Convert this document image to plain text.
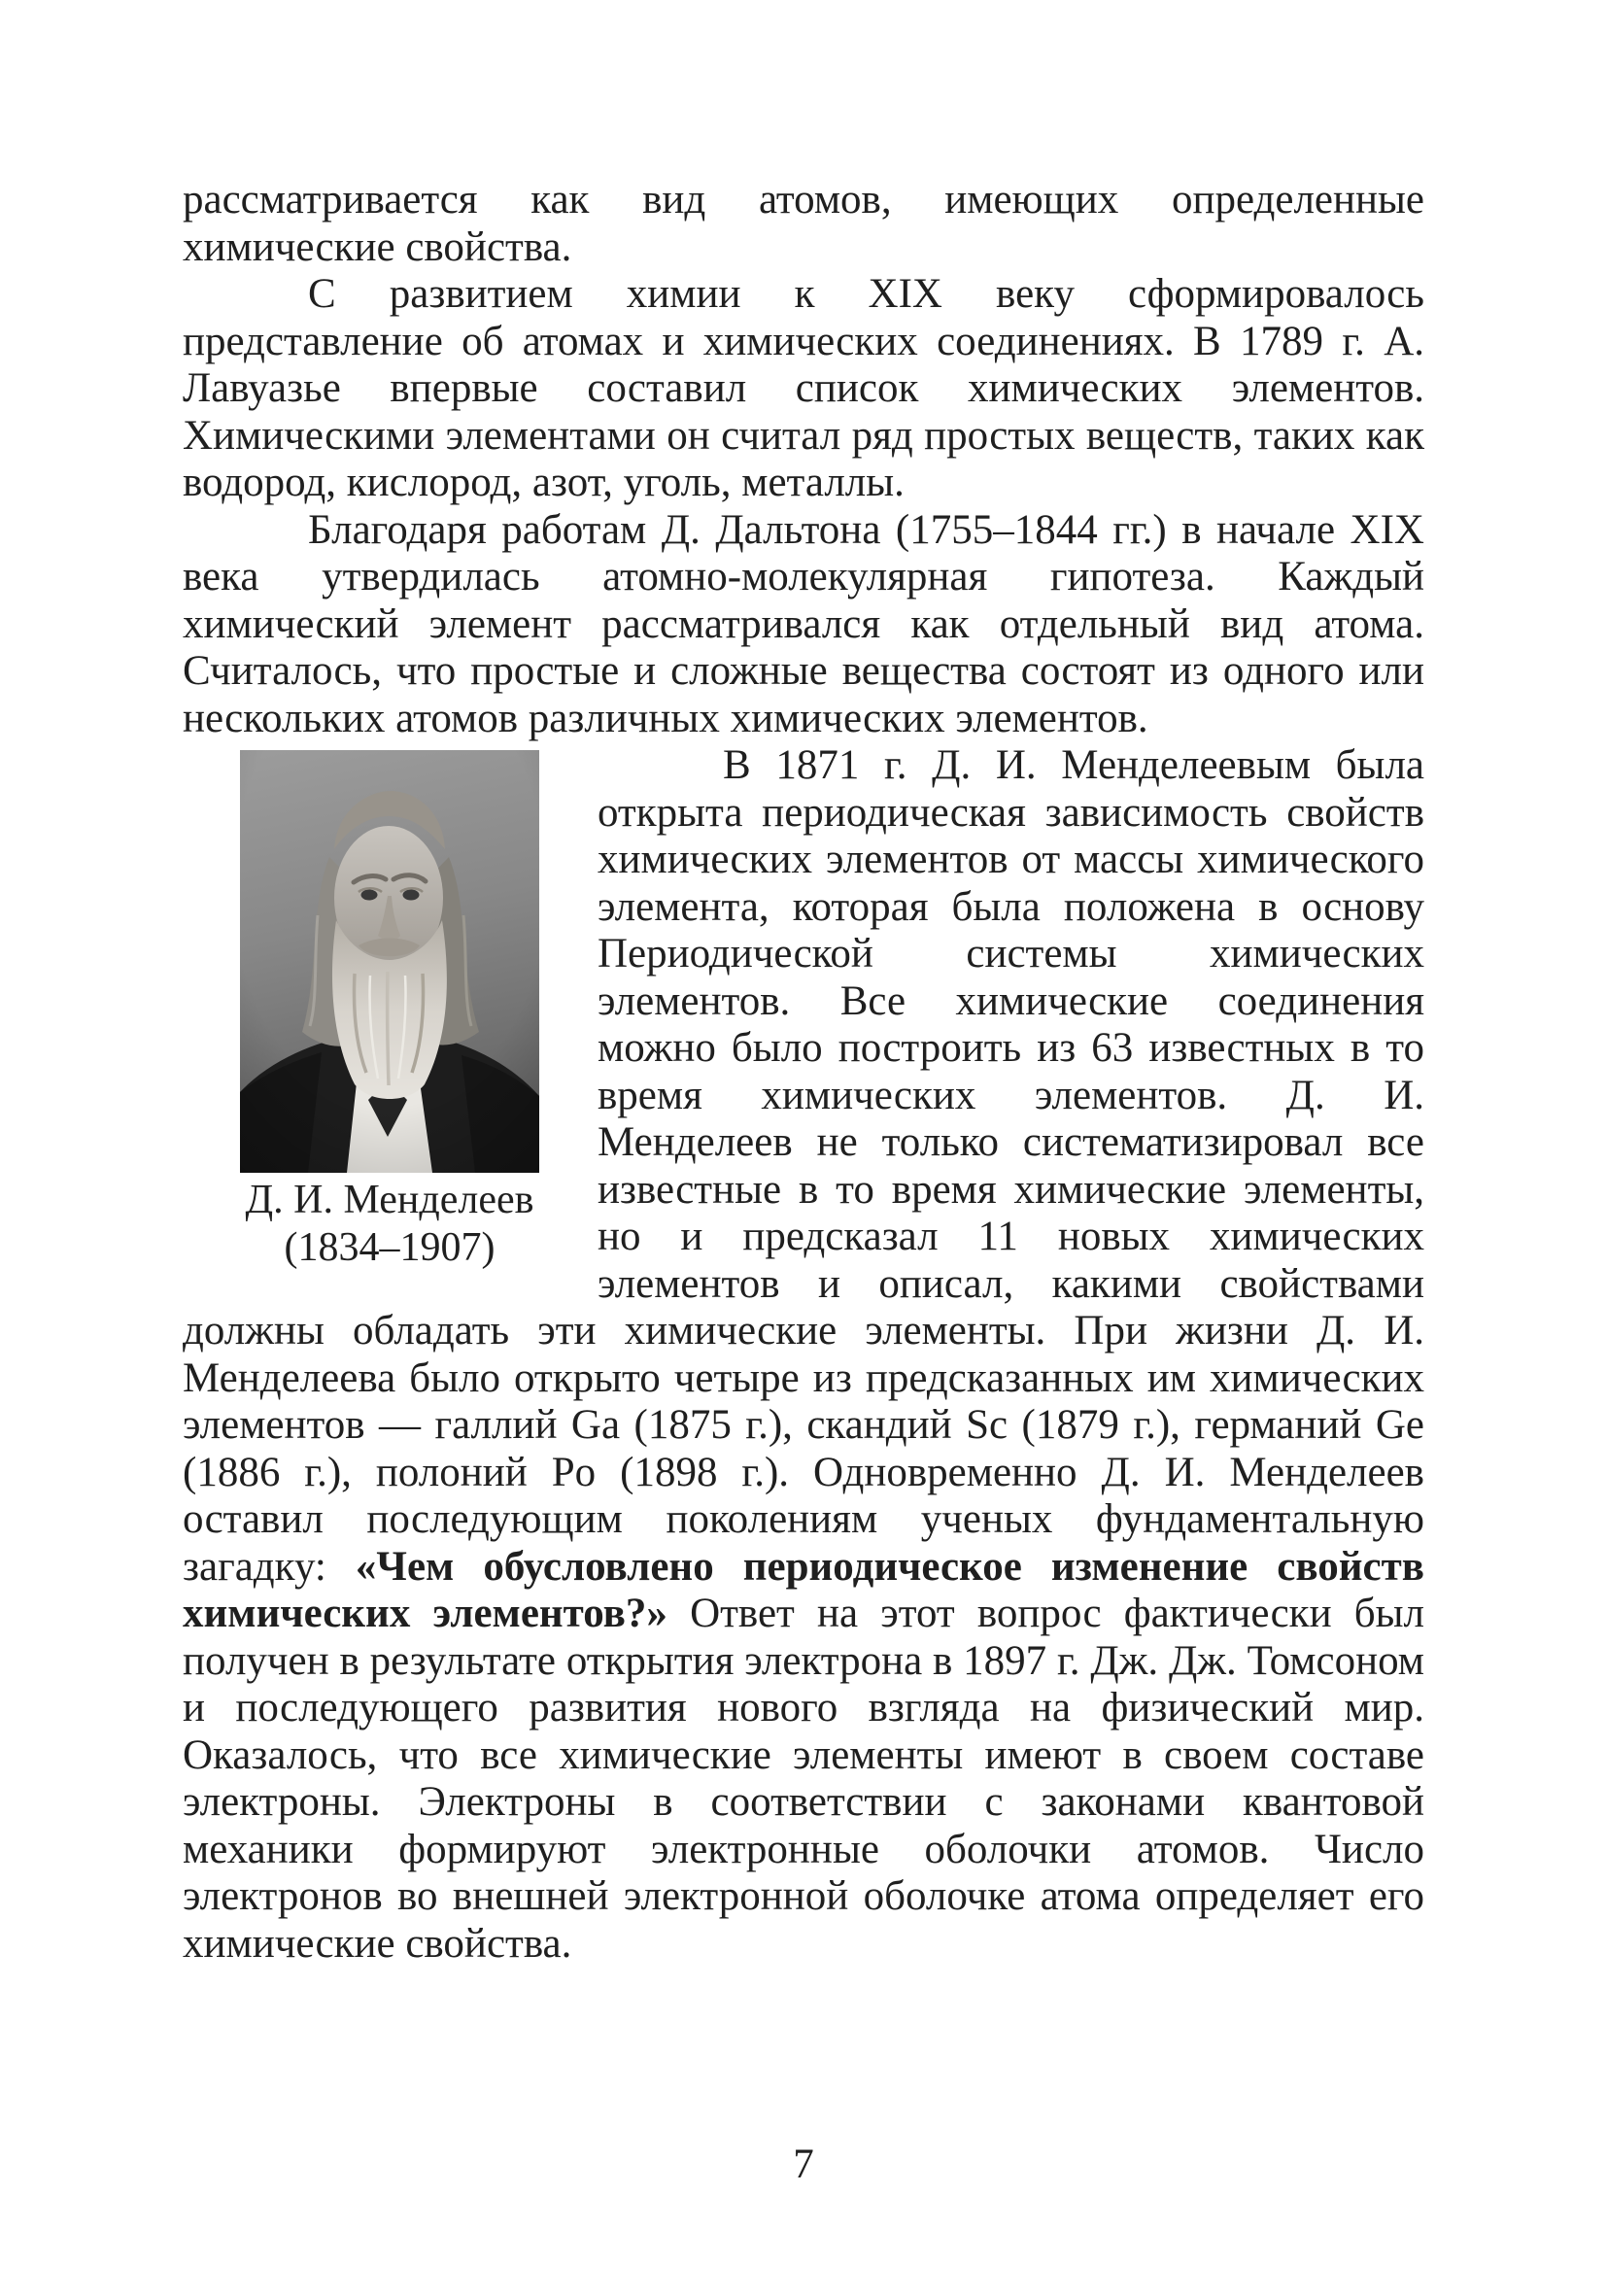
рассматривается как вид атомов, имеющих определенные химические свойства.

С развитием химии к XIX веку сформировалось представление об атомах и химических соединениях. В 1789 г. А. Лавуазье впервые составил список химических элементов. Химическими элементами он считал ряд простых веществ, таких как водород, кислород, азот, уголь, металлы.

Благодаря работам Д. Дальтона (1755–1844 гг.) в начале XIX века утвердилась атомно-молекулярная гипотеза. Каждый химический элемент рассматривался как отдельный вид атома. Считалось, что простые и сложные вещества состоят из одного или нескольких атомов различных химических элементов.

Д. И. Менделеев
(1834–1907)

В 1871 г. Д. И. Менделеевым была открыта периодическая зависимость свойств химических элементов от массы химического элемента, которая была положена в основу Периодической системы химических элементов. Все химические соединения можно было построить из 63 известных в то время химических элементов. Д. И. Менделеев не только систематизировал все известные в то время химические элементы, но и предсказал 11 новых химических элементов и описал, какими свойствами должны обладать эти химические элементы. При жизни Д. И. Менделеева было открыто четыре из предсказанных им химических элементов — галлий Ga (1875 г.), скандий Sc (1879 г.), германий Ge (1886 г.), полоний Po (1898 г.). Одновременно Д. И. Менделеев оставил последующим поколениям ученых фундаментальную загадку: «Чем обусловлено периодическое изменение свойств химических элементов?» Ответ на этот вопрос фактически был получен в результате открытия электрона в 1897 г. Дж. Дж. Томсоном и последующего развития нового взгляда на физический мир. Оказалось, что все химические элементы имеют в своем составе электроны. Электроны в соответствии с законами квантовой механики формируют электронные оболочки атомов. Число электронов во внешней электронной оболочке атома определяет его химические свойства.

7
